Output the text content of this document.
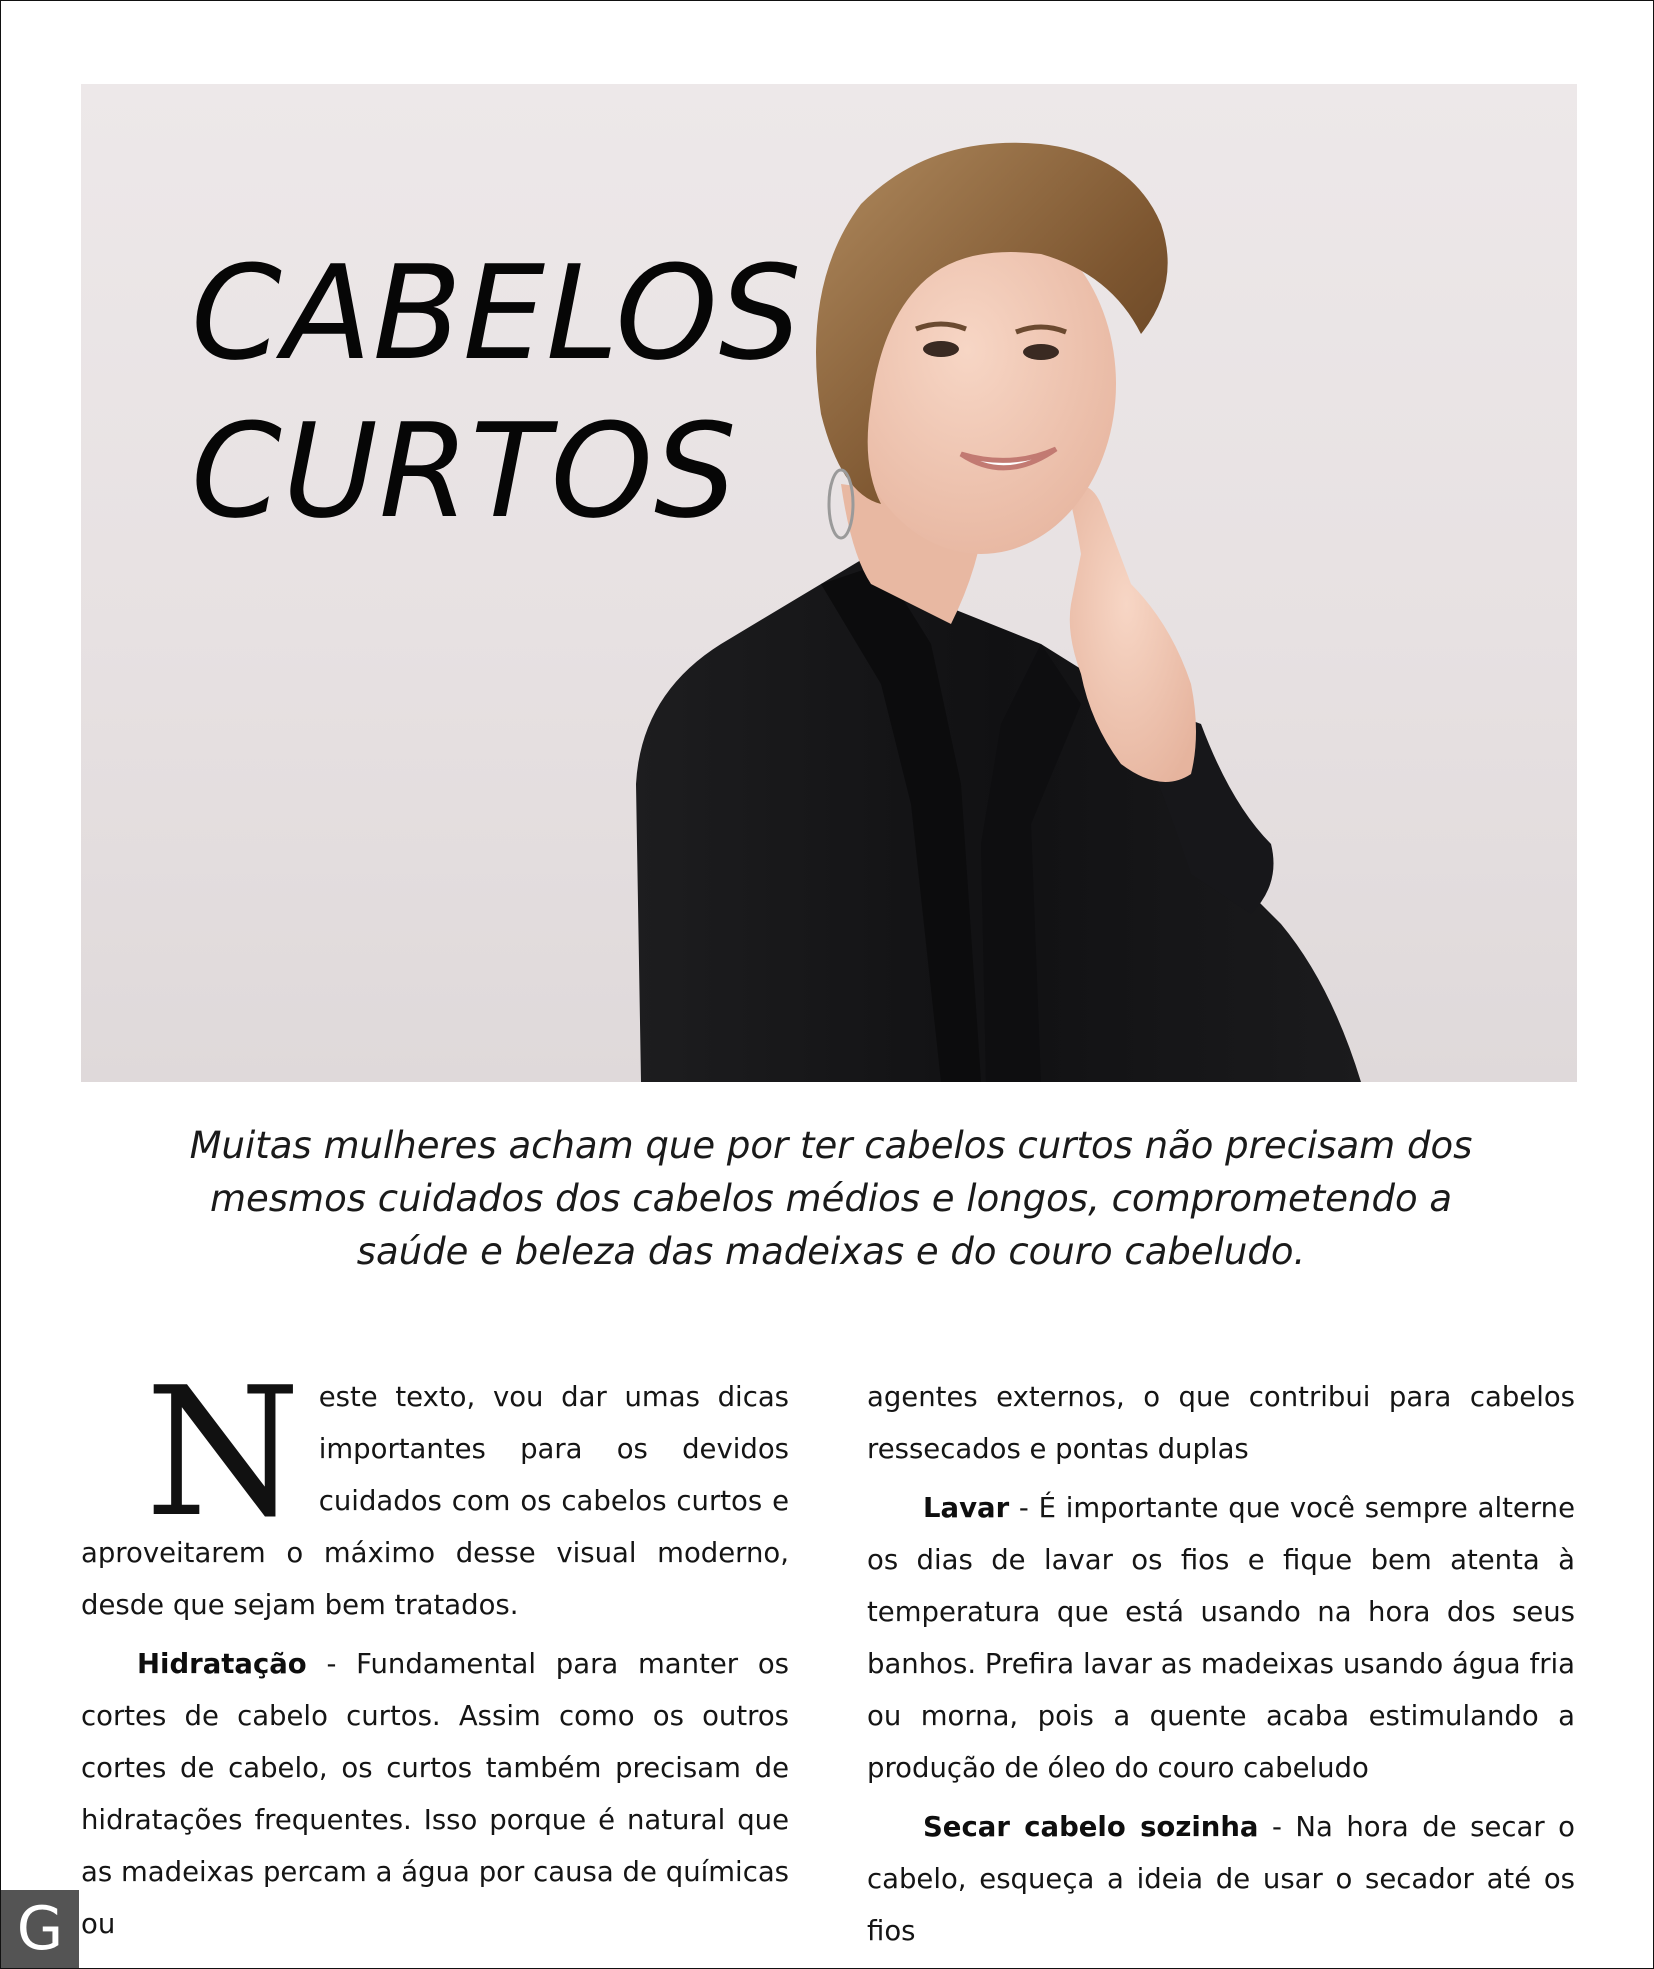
CABELOS
CURTOS

Muitas mulheres acham que por ter cabelos curtos não precisam dos mesmos cuidados dos cabelos médios e longos, comprometendo a saúde e beleza das madeixas e do couro cabeludo.

Neste texto, vou dar umas dicas importantes para os devidos cuidados com os cabelos curtos e aproveitarem o máximo desse visual moderno, desde que sejam bem tratados.

Hidratação - Fundamental para manter os cortes de cabelo curtos. Assim como os outros cortes de cabelo, os curtos também precisam de hidratações frequentes. Isso porque é natural que as madeixas percam a água por causa de químicas ou

agentes externos, o que contribui para cabelos ressecados e pontas duplas

Lavar - É importante que você sempre alterne os dias de lavar os fios e fique bem atenta à temperatura que está usando na hora dos seus banhos. Prefira lavar as madeixas usando água fria ou morna, pois a quente acaba estimulando a produção de óleo do couro cabeludo

Secar cabelo sozinha - Na hora de secar o cabelo, esqueça a ideia de usar o secador até os fios

G
